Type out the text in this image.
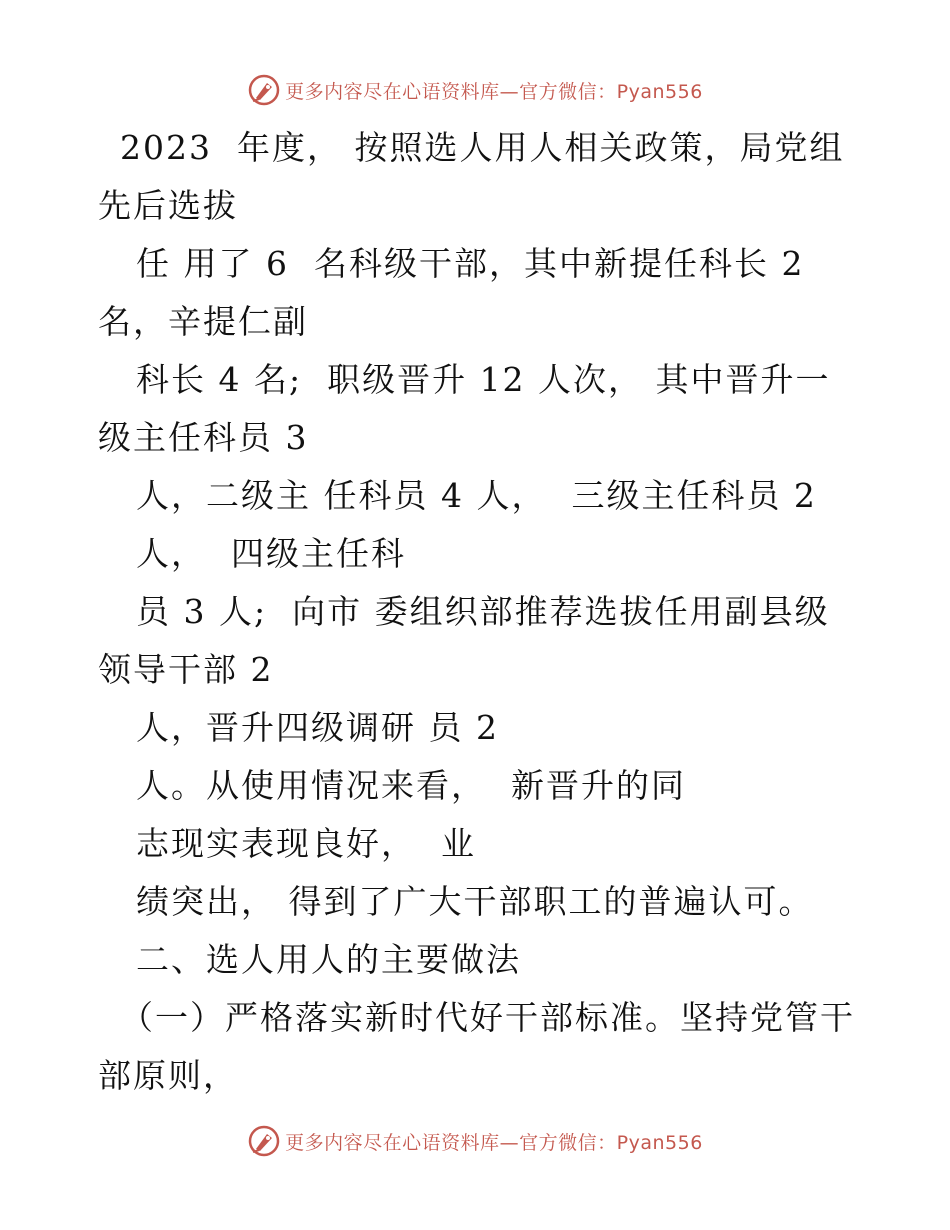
更多内容尽在心语资料库—官方微信：Pyan556
2023  年度， 按照选人用人相关政策，局党组
先后选拔
任 用了 6  名科级干部，其中新提任科长 2
名，辛提仁副
科长 4 名;  职级晋升 12 人次， 其中晋升一
级主任科员 3
人，二级主 任科员 4 人，  三级主任科员 2
人，  四级主任科
员 3 人;  向市 委组织部推荐选拔任用副县级
领导干部 2
人，晋升四级调研 员 2
人。从使用情况来看，  新晋升的同
志现实表现良好，  业
绩突出， 得到了广大干部职工的普遍认可。
二、选人用人的主要做法
（一）严格落实新时代好干部标准。坚持党管干
部原则，
更多内容尽在心语资料库—官方微信：Pyan556
